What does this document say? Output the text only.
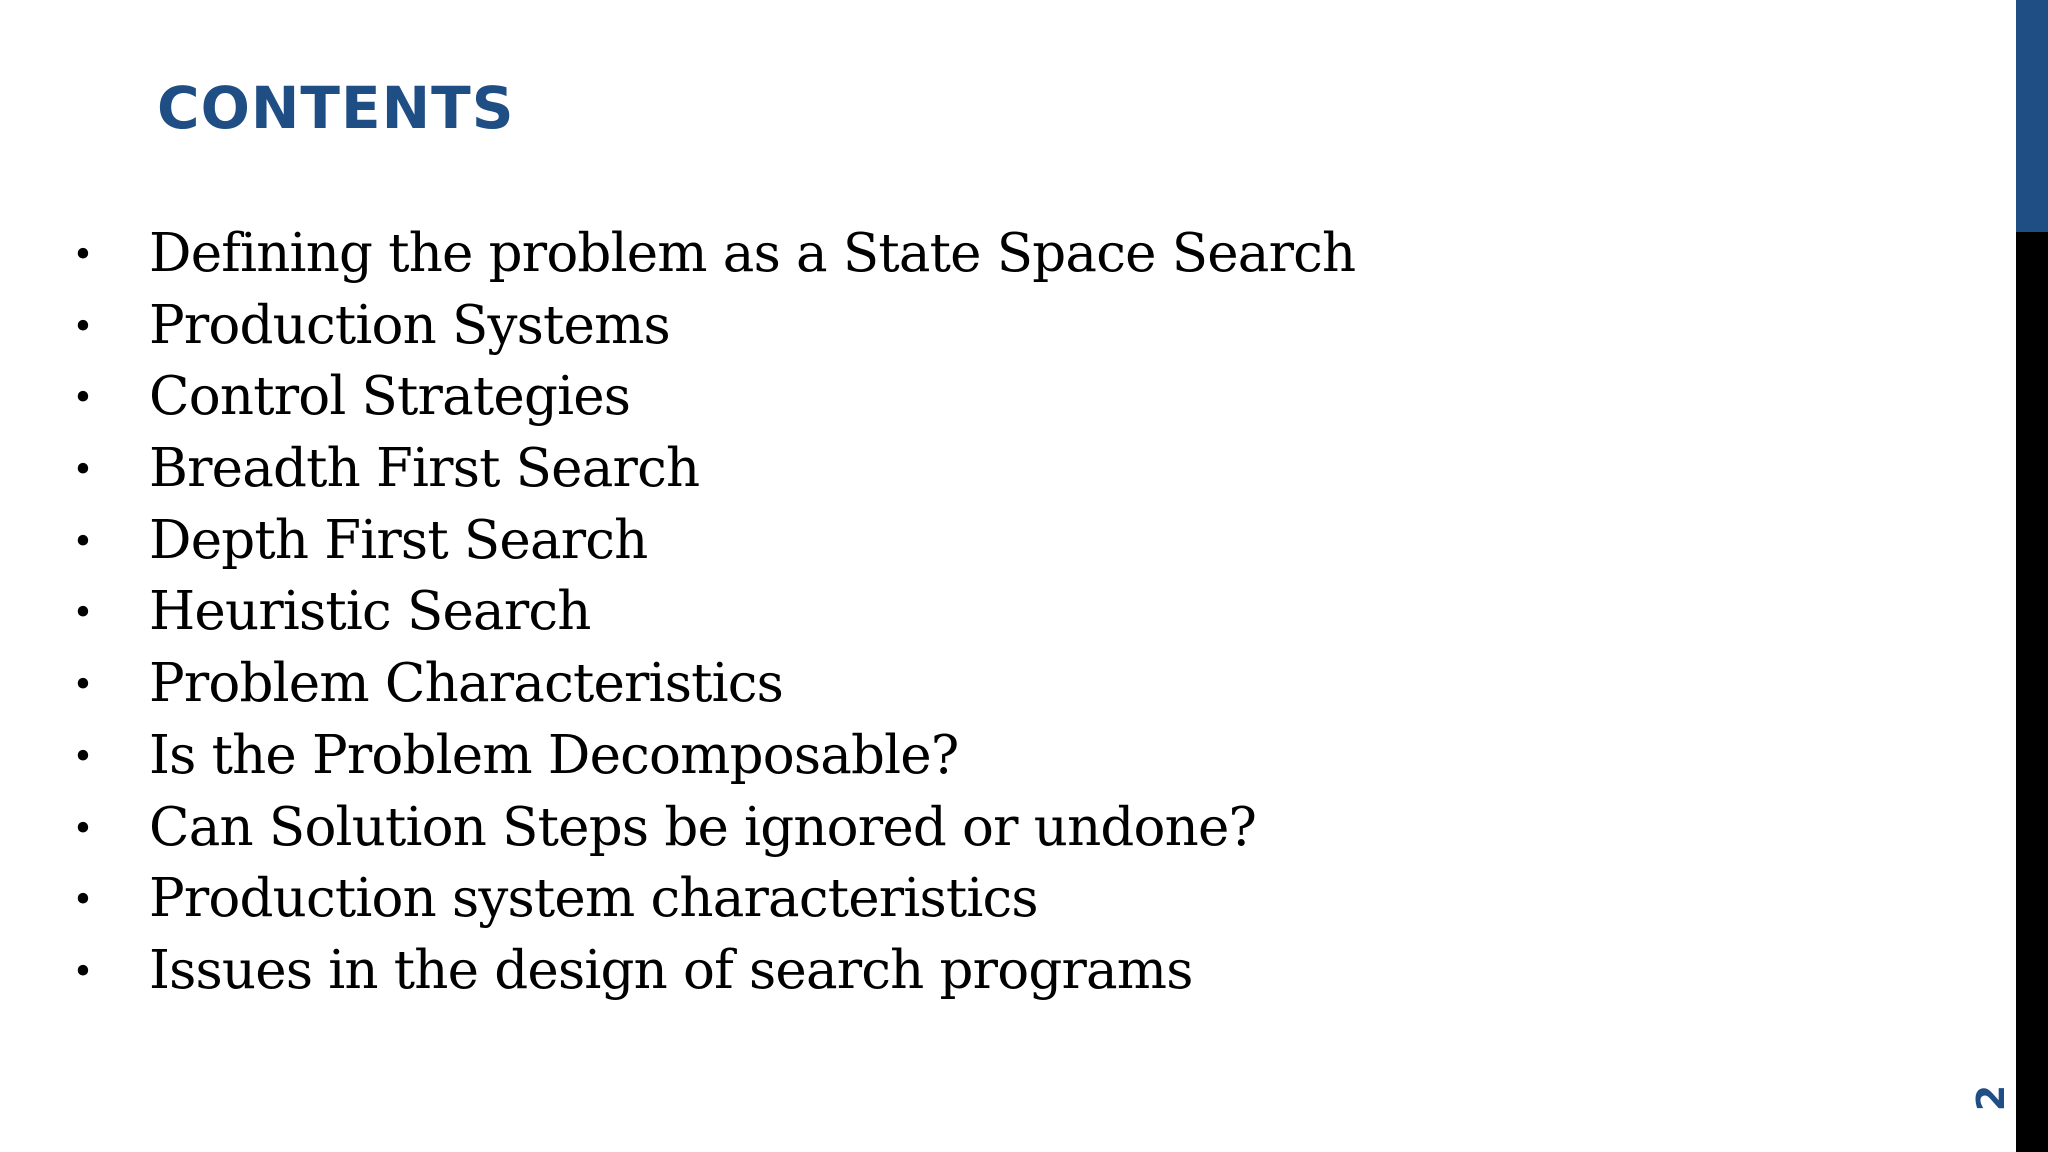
CONTENTS
• Defining the problem as a State Space Search
• Production Systems
• Control Strategies
• Breadth First Search
• Depth First Search
• Heuristic Search
• Problem Characteristics
• Is the Problem Decomposable?
• Can Solution Steps be ignored or undone?
• Production system characteristics
• Issues in the design of search programs
2
